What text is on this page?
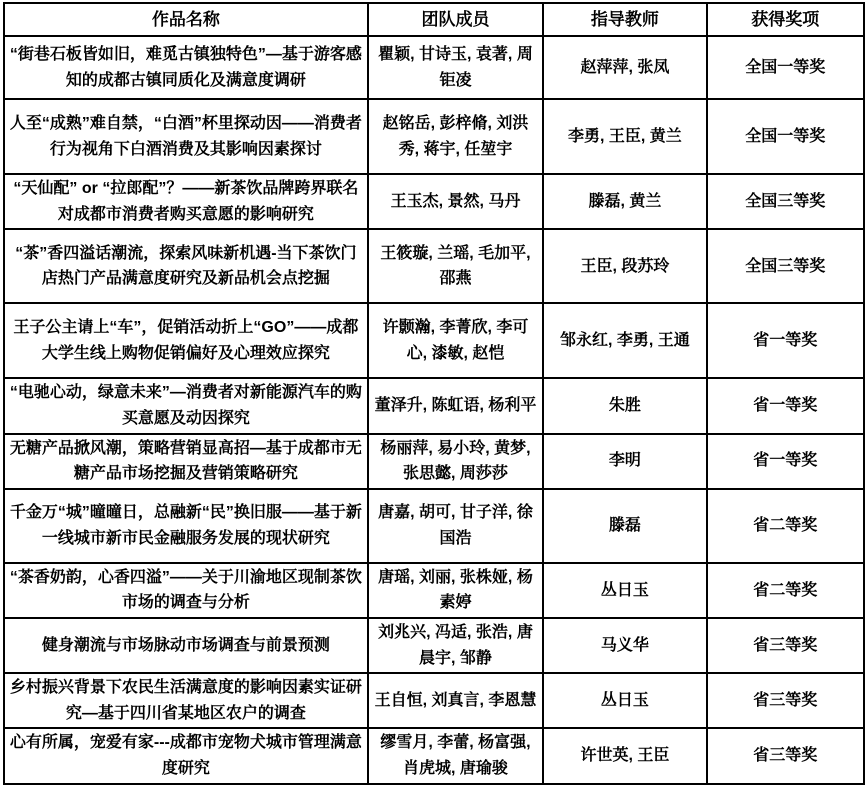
作品名称	团队成员	指导教师	获得奖项
“街巷石板皆如旧，难觅古镇独特色”—基于游客感知的成都古镇同质化及满意度调研	瞿颖, 甘诗玉, 袁著, 周钜凌	赵萍萍, 张凤	全国一等奖
人至“成熟”难自禁，“白酒”杯里探动因——消费者行为视角下白酒消费及其影响因素探讨	赵铭岳, 彭梓脩, 刘洪秀, 蒋宇, 任堃宇	李勇, 王臣, 黄兰	全国一等奖
“天仙配” or “拉郎配”？——新茶饮品牌跨界联名对成都市消费者购买意愿的影响研究	王玉杰, 景然, 马丹	滕磊, 黄兰	全国三等奖
“茶”香四溢话潮流，探索风味新机遇-当下茶饮门店热门产品满意度研究及新品机会点挖掘	王筱璇, 兰瑶, 毛加平, 邵燕	王臣, 段苏玲	全国三等奖
王子公主请上“车”，促销活动折上“GO”——成都大学生线上购物促销偏好及心理效应探究	许颢瀚, 李菁欣, 李可心, 漆敏, 赵恺	邹永红, 李勇, 王通	省一等奖
“电驰心动，绿意未来”—消费者对新能源汽车的购买意愿及动因探究	董泽升, 陈虹语, 杨利平	朱胜	省一等奖
无糖产品掀风潮，策略营销显高招—基于成都市无糖产品市场挖掘及营销策略研究	杨丽萍, 易小玲, 黄梦, 张思懿, 周莎莎	李明	省一等奖
千金万“城”曈曈日，总融新“民”换旧服——基于新一线城市新市民金融服务发展的现状研究	唐嘉, 胡可, 甘子洋, 徐国浩	滕磊	省二等奖
“茶香奶韵，心香四溢”——关于川渝地区现制茶饮市场的调查与分析	唐瑶, 刘丽, 张株娅, 杨素婷	丛日玉	省二等奖
健身潮流与市场脉动市场调查与前景预测	刘兆兴, 冯适, 张浩, 唐晨宇, 邹静	马义华	省三等奖
乡村振兴背景下农民生活满意度的影响因素实证研究—基于四川省某地区农户的调查	王自恒, 刘真言, 李恩慧	丛日玉	省三等奖
心有所属，宠爱有家---成都市宠物犬城市管理满意度研究	缪雪月, 李蕾, 杨富强, 肖虎城, 唐瑜骏	许世英, 王臣	省三等奖
